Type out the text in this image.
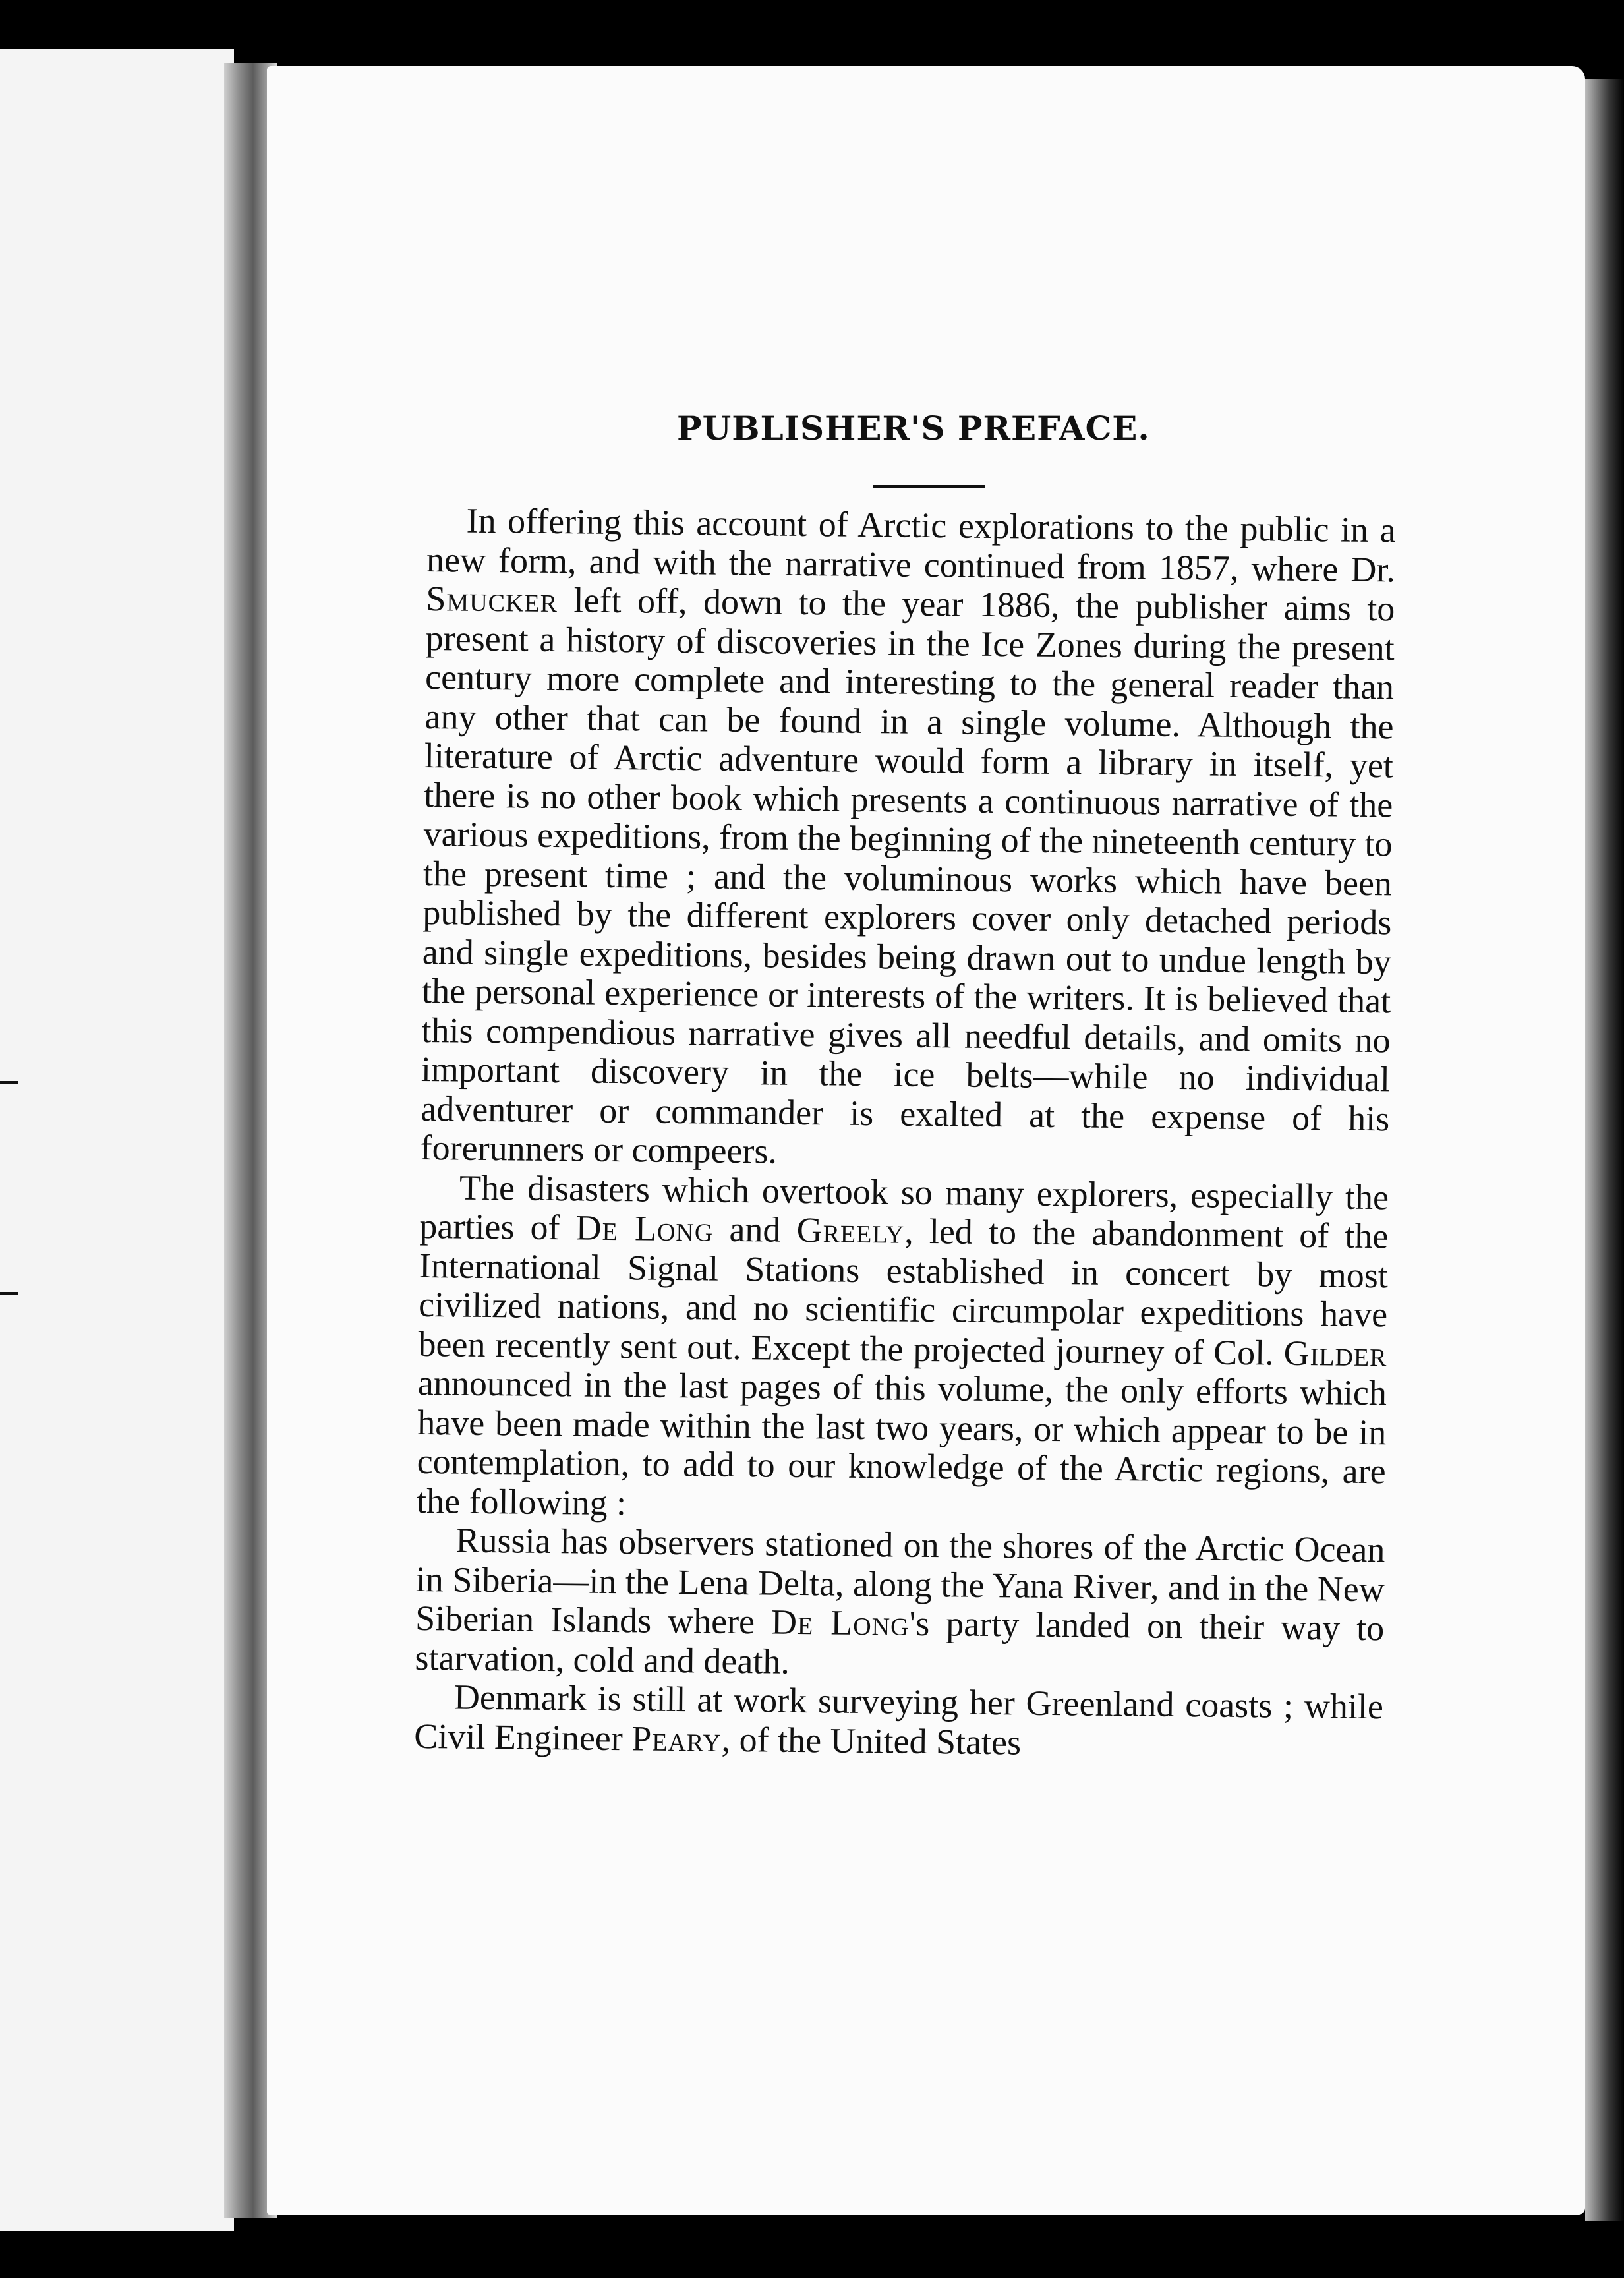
PUBLISHER'S PREFACE.

In offering this account of Arctic explorations to the public in a new form, and with the narrative continued from 1857, where Dr. Smucker left off, down to the year 1886, the publisher aims to present a history of discoveries in the Ice Zones during the present century more complete and interesting to the general reader than any other that can be found in a single volume. Although the literature of Arctic adventure would form a library in itself, yet there is no other book which presents a continuous narrative of the various expeditions, from the beginning of the nineteenth century to the present time ; and the voluminous works which have been published by the different explorers cover only detached periods and single expeditions, besides being drawn out to undue length by the personal experience or interests of the writers. It is believed that this compendious narrative gives all needful details, and omits no important discovery in the ice belts—while no individual adventurer or commander is exalted at the expense of his forerunners or compeers.

The disasters which overtook so many explorers, especially the parties of De Long and Greely, led to the abandonment of the International Signal Stations established in concert by most civilized nations, and no scientific circumpolar expeditions have been recently sent out. Except the projected journey of Col. Gilder announced in the last pages of this volume, the only efforts which have been made within the last two years, or which appear to be in contemplation, to add to our knowledge of the Arctic regions, are the following :

Russia has observers stationed on the shores of the Arctic Ocean in Siberia—in the Lena Delta, along the Yana River, and in the New Siberian Islands where De Long's party landed on their way to starvation, cold and death.

Denmark is still at work surveying her Greenland coasts ; while Civil Engineer Peary, of the United States
